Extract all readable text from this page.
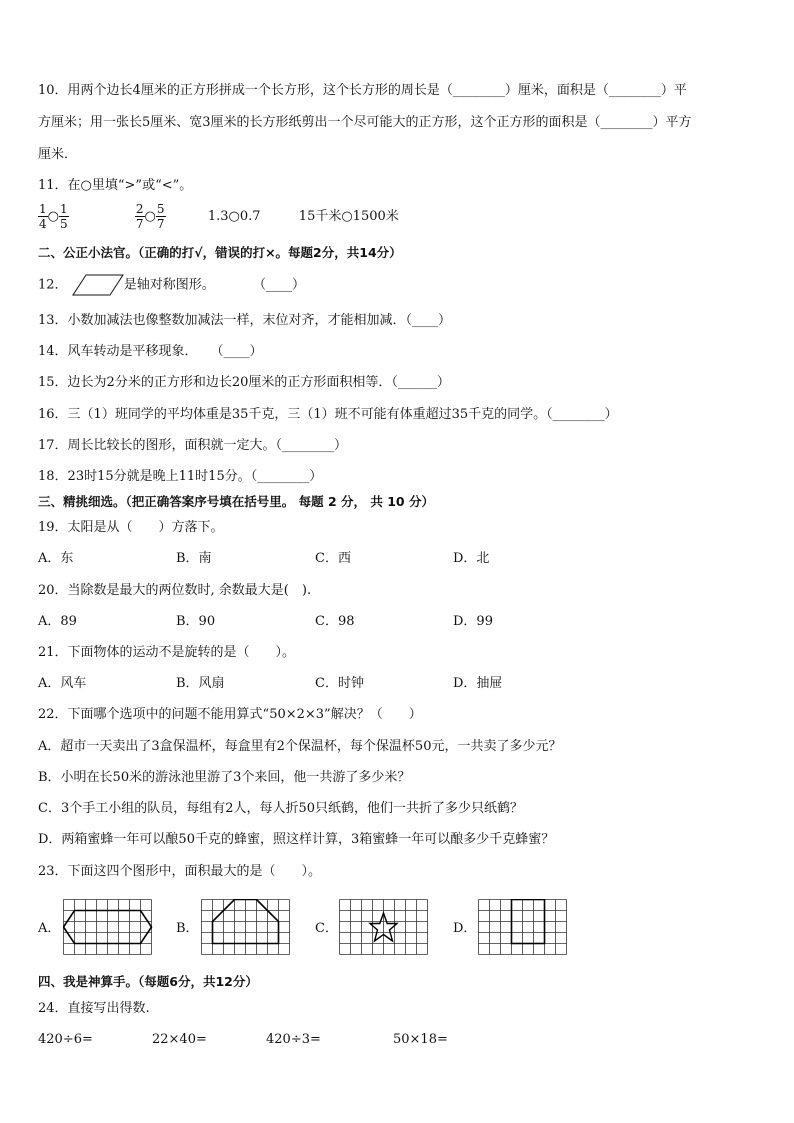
10．用两个边长4厘米的正方形拼成一个长方形，这个长方形的周长是（________）厘米，面积是（________）平
方厘米；用一张长5厘米、宽3厘米的长方形纸剪出一个尽可能大的正方形，这个正方形的面积是（________）平方
厘米．
11．在○里填“>”或“<”。
$\frac{1}{4}$ ○ $\frac{1}{5}$
	$\frac{2}{7}$ ○ $\frac{5}{7}$	1.3○0.7	15千米○1500米
二、公正小法官。（正确的打√，错误的打×。每题2分，共14分）
12．	是轴对称图形。	（____）
13．小数加减法也像整数加减法一样，末位对齐，才能相加减．（____）
14．风车转动是平移现象．　　（____）
15．边长为2分米的正方形和边长20厘米的正方形面积相等．（______）
16．三（1）班同学的平均体重是35千克，三（1）班不可能有体重超过35千克的同学。（________）
17．周长比较长的图形，面积就一定大。（________）
18．23时15分就是晚上11时15分。（________）
三、精挑细选。（把正确答案序号填在括号里。 每题 2 分， 共 10 分）
19．太阳是从（　　）方落下。
A．东	B．南	C．西	D．北
20．当除数是最大的两位数时, 余数最大是(　).
A．89	B．90	C．98	D．99
21．下面物体的运动不是旋转的是（　　）。
A．风车	B．风扇	C．时钟	D．抽屉
22．下面哪个选项中的问题不能用算式“50×2×3”解决？（　　）
A．超市一天卖出了3盒保温杯，每盒里有2个保温杯，每个保温杯50元，一共卖了多少元？
B．小明在长50米的游泳池里游了3个来回，他一共游了多少米？
C．3个手工小组的队员，每组有2人，每人折50只纸鹤，他们一共折了多少只纸鹤？
D．两箱蜜蜂一年可以酿50千克的蜂蜜，照这样计算，3箱蜜蜂一年可以酿多少千克蜂蜜？
23．下面这四个图形中，面积最大的是（　　）。
A．	B．	C．	D．
四、我是神算手。（每题6分，共12分）
24．直接写出得数.
420÷6=	22×40=	420÷3=	50×18=
